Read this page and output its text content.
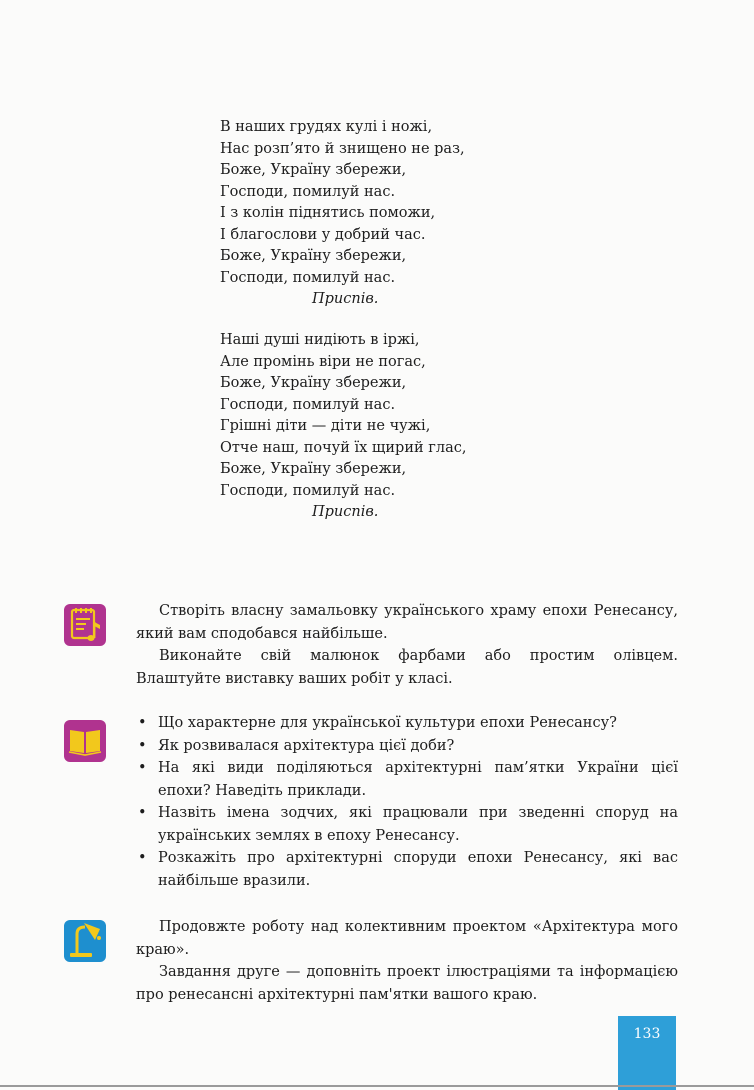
В наших грудях кулі і ножі,
Нас розп’ято й знищено не раз,
Боже, Україну збережи,
Господи, помилуй нас.
І з колін піднятись поможи,
І благослови у добрий час.
Боже, Україну збережи,
Господи, помилуй нас.
Приспів.
Наші душі нидіють в іржі,
Але промінь віри не погас,
Боже, Україну збережи,
Господи, помилуй нас.
Грішні діти — діти не чужі,
Отче наш, почуй їх щирий глас,
Боже, Україну збережи,
Господи, помилуй нас.
Приспів.

Створіть власну замальовку українського храму епохи Ренесансу, який вам сподобався найбільше.

Виконайте свій малюнок фарбами або простим олівцем. Влаштуйте виставку ваших робіт у класі.

• Що характерне для української культури епохи Ренесансу?
• Як розвивалася архітектура цієї доби?
• На які види поділяються архітектурні пам’ятки України цієї епохи? Наведіть приклади.
• Назвіть імена зодчих, які працювали при зведенні споруд на українських землях в епоху Ренесансу.
• Розкажіть про архітектурні споруди епохи Ренесансу, які вас найбільше вразили.

Продовжте роботу над колективним проектом «Архітектура мого краю».

Завдання друге — доповніть проект ілюстраціями та інформацією про ренесансні архітектурні пам'ятки вашого краю.

133
